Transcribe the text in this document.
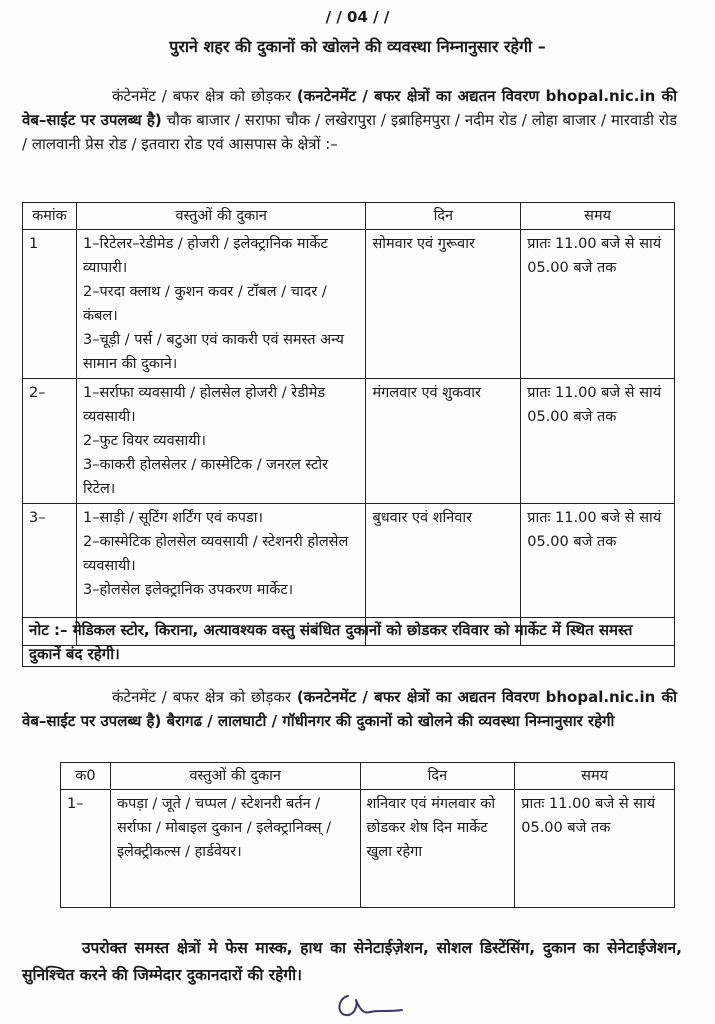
/ / 04 / /
पुराने शहर की दुकानों को खोलने की व्यवस्था निम्नानुसार रहेगी –
कंटेनमेंट / बफर क्षेत्र को छोड़कर (कनटेनमेंट / बफर क्षेत्रों का अद्यतन विवरण bhopal.nic.in की वेब–साईट पर उपलब्ध है) चौक बाजार / सराफा चौक / लखेरापुरा / इब्राहिमपुरा / नदीम रोड / लोहा बाजार / मारवाडी रोड / लालवानी प्रेस रोड / इतवारा रोड एवं आसपास के क्षेत्रों :–
कमांक	वस्तुओं की दुकान	दिन	समय
1	1–रिटेलर–रेडीमेड / होजरी / इलेक्ट्रानिक मार्केट व्यापारी।

2–परदा क्लाथ / कुशन कवर / टॉबल / चादर / कंबल।

3–चूड़ी / पर्स / बटुआ एवं काकरी एवं समस्त अन्य सामान की दुकाने।	सोमवार एवं गुरूवार	प्रातः 11.00 बजे से सायं 05.00 बजे तक
2–	1–सर्राफा व्यवसायी / होलसेल होजरी / रेडीमेड व्यवसायी।

2–फुट वियर व्यवसायी।

3–काकरी होलसेलर / कास्मेटिक / जनरल स्टोर रिटेल।	मंगलवार एवं शुकवार	प्रातः 11.00 बजे से सायं 05.00 बजे तक
3–	1–साड़ी / सूटिंग शर्टिंग एवं कपडा।

2–कास्मेटिक होलसेल व्यवसायी / स्टेशनरी होलसेल व्यवसायी।

3–होलसेल इलेक्ट्रानिक उपकरण मार्केट।	बुधवार एवं शनिवार	प्रातः 11.00 बजे से सायं 05.00 बजे तक
नोट :– मेडिकल स्टोर, किराना, अत्यावश्यक वस्तु संबंधित दुकानों को छोडकर रविवार को मार्केट में स्थित समस्त दुकानें बंद रहेगी।
कंटेनमेंट / बफर क्षेत्र को छोड़कर (कनटेनमेंट / बफर क्षेत्रों का अद्यतन विवरण bhopal.nic.in की वेब–साईट पर उपलब्ध है) बैरागढ / लालघाटी / गॉधीनगर की दुकानों को खोलने की व्यवस्था निम्नानुसार रहेगी
क0	वस्तुओं की दुकान	दिन	समय
1–	कपड़ा / जूते / चप्पल / स्टेशनरी बर्तन / सर्राफा / मोबाइल दुकान / इलेक्ट्रानिक्स् / इलेक्ट्रीकल्स / हार्डवेयर।	शनिवार एवं मंगलवार को छोडकर शेष दिन मार्केट खुला रहेगा	प्रातः 11.00 बजे से सायं 05.00 बजे तक
उपरोक्त समस्त क्षेत्रों मे फेस मास्क, हाथ का सेनेटाईज़ेशन, सोशल डिस्टेंसिंग, दुकान का सेनेटाईजेशन, सुनिश्चित करने की जिम्मेदार दुकानदारों की रहेगी।
